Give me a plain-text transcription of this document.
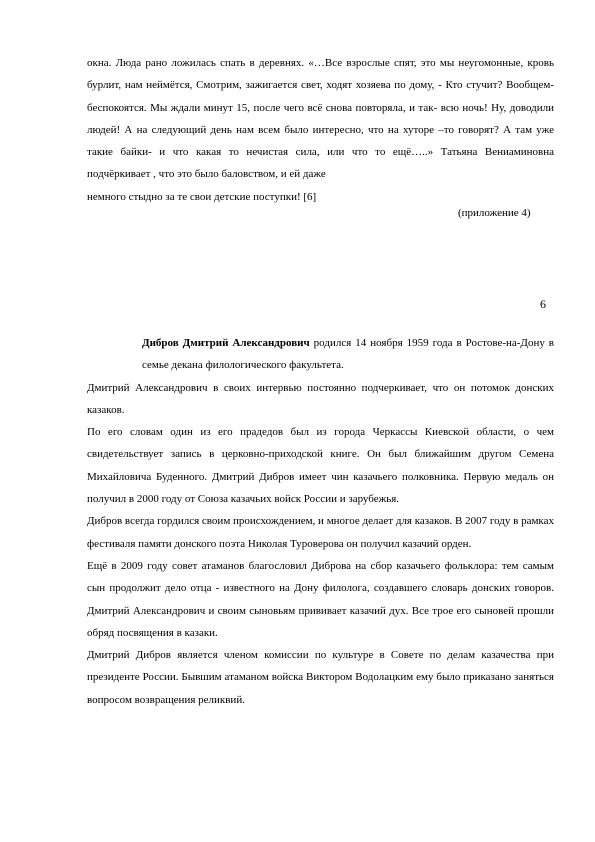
окна. Люда рано ложилась спать в деревнях. «…Все взрослые спят, это мы неугомонные, кровь бурлит, нам неймётся, Смотрим, зажигается свет, ходят хозяева по дому, - Кто стучит? Вообщем- беспокоятся. Мы ждали минут 15, после чего всё снова повторяла, и так- всю ночь! Ну, доводили людей! А на следующий день нам всем было интересно, что на хуторе –то говорят? А там уже такие байки- и что какая то нечистая сила, или что то ещё…..» Татьяна Вениаминовна подчёркивает , что это было баловством, и ей даже
немного стыдно за те свои детские поступки! [6]

(приложение 4)

6

Дибров Дмитрий Александрович родился 14 ноября 1959 года в Ростове-на-Дону в семье декана филологического факультета.

Дмитрий Александрович в своих интервью постоянно подчеркивает, что он потомок донских казаков.

По его словам один из его прадедов был из города Черкассы Киевской области, о чем свидетельствует запись в церковно-приходской книге. Он был ближайшим другом Семена Михайловича Буденного. Дмитрий Дибров имеет чин казачьего полковника. Первую медаль он получил в 2000 году от Союза казачьих войск России и зарубежья.

Дибров всегда гордился своим происхождением, и многое делает для казаков. В 2007 году в рамках фестиваля памяти донского поэта Николая Туроверова он получил казачий орден.

Ещё в 2009 году совет атаманов благословил Диброва на сбор казачьего фольклора: тем самым сын продолжит дело отца - известного на Дону филолога, создавшего словарь донских говоров. Дмитрий Александрович и своим сыновьям прививает казачий дух. Все трое его сыновей прошли обряд посвящения в казаки.

Дмитрий Дибров является членом комиссии по культуре в Совете по делам казачества при президенте России. Бывшим атаманом войска Виктором Водолацким ему было приказано заняться вопросом возвращения реликвий.
